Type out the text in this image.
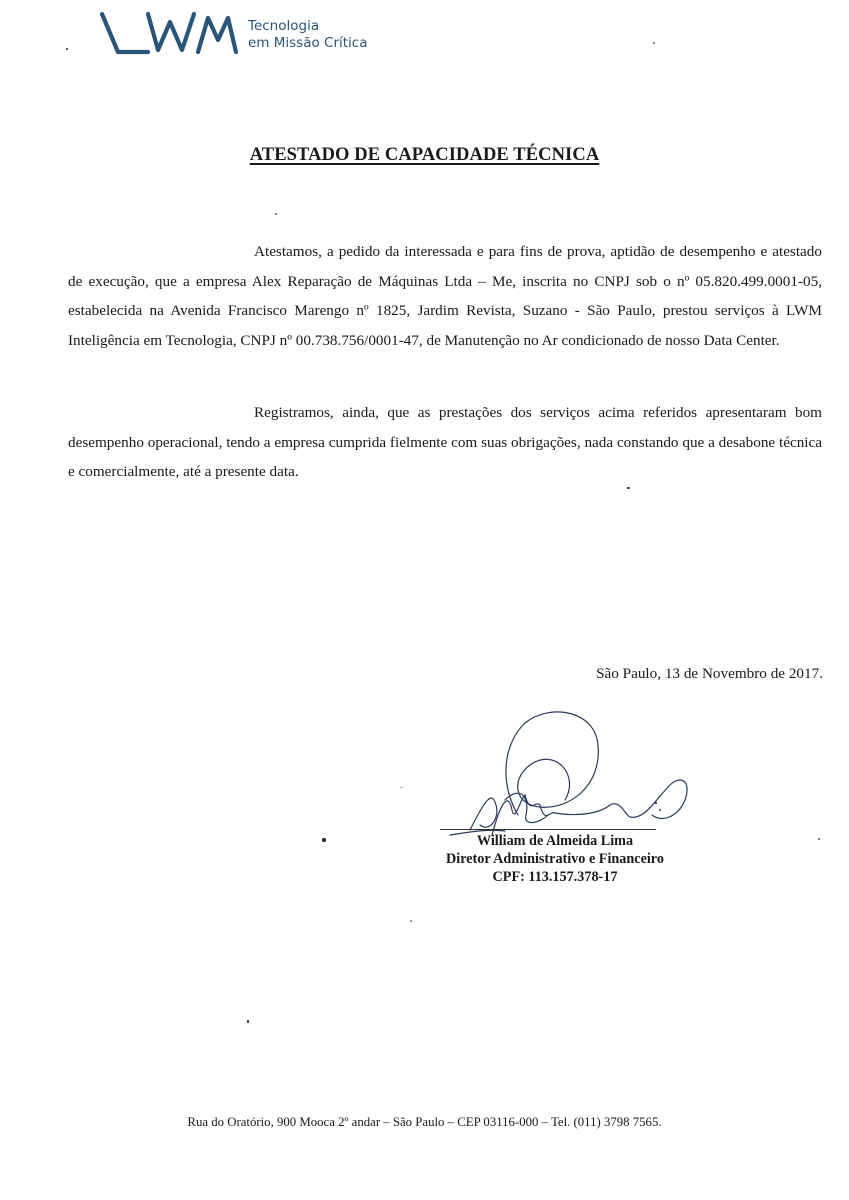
Tecnologia
em Missão Crítica
ATESTADO DE CAPACIDADE TÉCNICA

Atestamos, a pedido da interessada e para fins de prova, aptidão de desempenho e atestado de execução, que a empresa Alex Reparação de Máquinas Ltda – Me, inscrita no CNPJ sob o nº 05.820.499.0001-05, estabelecida na Avenida Francisco Marengo nº 1825, Jardim Revista, Suzano - São Paulo, prestou serviços à LWM Inteligência em Tecnologia, CNPJ nº 00.738.756/0001-47, de Manutenção no Ar condicionado de nosso Data Center.

Registramos, ainda, que as prestações dos serviços acima referidos apresentaram bom desempenho operacional, tendo a empresa cumprida fielmente com suas obrigações, nada constando que a desabone técnica e comercialmente, até a presente data.

São Paulo, 13 de Novembro de 2017.

William de Almeida Lima
Diretor Administrativo e Financeiro
CPF: 113.157.378-17

Rua do Oratório, 900 Mooca 2º andar – São Paulo – CEP 03116-000 – Tel. (011) 3798 7565.
